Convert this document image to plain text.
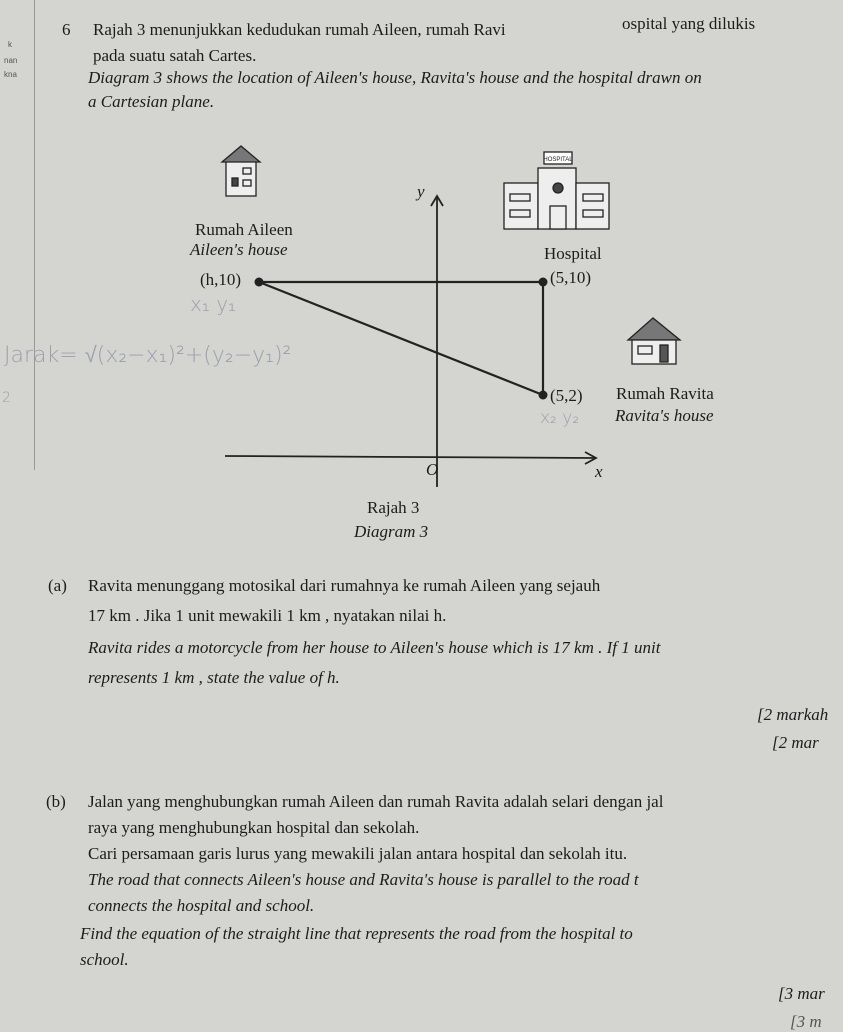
k
nan
kna
6 Rajah 3 menunjukkan kedudukan rumah Aileen, rumah Ravi	ospital yang dilukis
pada suatu satah Cartes.
Diagram 3 shows the location of Aileen's house, Ravita's house and the hospital drawn on
a Cartesian plane.
HOSPITAL
Rumah Aileen
Aileen's house	Hospital
(h,10)	(5,10)
(5,2) Rumah Ravita
Ravita's house
y
x
O
Rajah 3
Diagram 3
x₁ y₁
Jarak= √(x₂−x₁)²+(y₂−y₁)²
x₂ y₂
2
(a) Ravita menunggang motosikal dari rumahnya ke rumah Aileen yang sejauh
17 km . Jika 1 unit mewakili 1 km , nyatakan nilai h.
Ravita rides a motorcycle from her house to Aileen's house which is 17 km . If 1 unit
represents 1 km , state the value of h.
[2 markah
[2 mar
(b) Jalan yang menghubungkan rumah Aileen dan rumah Ravita adalah selari dengan jal
raya yang menghubungkan hospital dan sekolah.
Cari persamaan garis lurus yang mewakili jalan antara hospital dan sekolah itu.
The road that connects Aileen's house and Ravita's house is parallel to the road t
connects the hospital and school.
Find the equation of the straight line that represents the road from the hospital to
school.
[3 mar
[3 m
